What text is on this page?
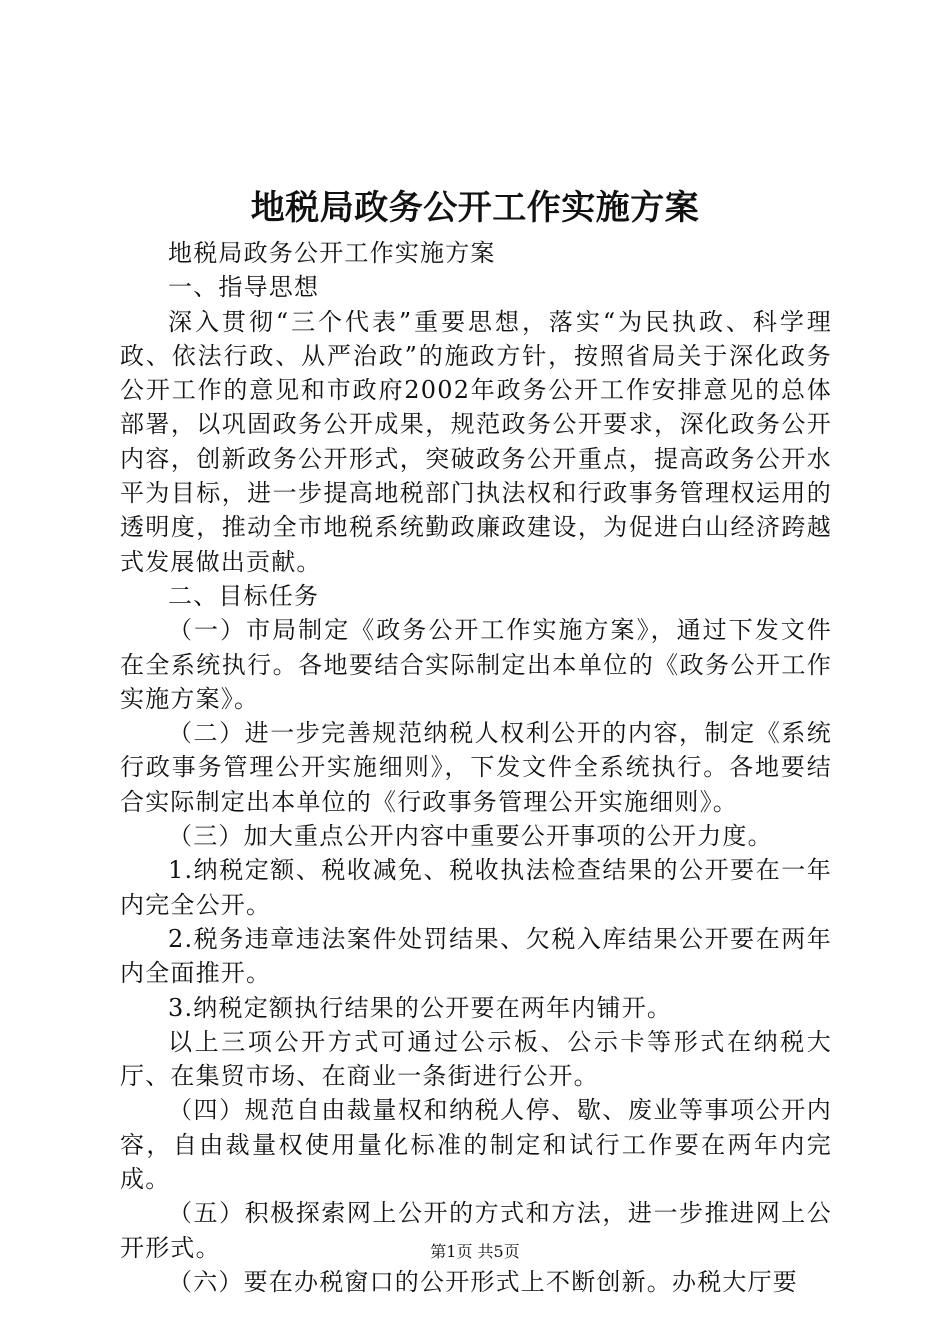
地税局政务公开工作实施方案

地税局政务公开工作实施方案

一、指导思想

深入贯彻“三个代表”重要思想，落实“为民执政、科学理政、依法行政、从严治政”的施政方针，按照省局关于深化政务公开工作的意见和市政府2002年政务公开工作安排意见的总体部署，以巩固政务公开成果，规范政务公开要求，深化政务公开内容，创新政务公开形式，突破政务公开重点，提高政务公开水平为目标，进一步提高地税部门执法权和行政事务管理权运用的透明度，推动全市地税系统勤政廉政建设，为促进白山经济跨越式发展做出贡献。

二、目标任务

（一）市局制定《政务公开工作实施方案》，通过下发文件在全系统执行。各地要结合实际制定出本单位的《政务公开工作实施方案》。

（二）进一步完善规范纳税人权利公开的内容，制定《系统行政事务管理公开实施细则》，下发文件全系统执行。各地要结合实际制定出本单位的《行政事务管理公开实施细则》。

（三）加大重点公开内容中重要公开事项的公开力度。

1.纳税定额、税收减免、税收执法检查结果的公开要在一年内完全公开。

2.税务违章违法案件处罚结果、欠税入库结果公开要在两年内全面推开。

3.纳税定额执行结果的公开要在两年内铺开。

以上三项公开方式可通过公示板、公示卡等形式在纳税大厅、在集贸市场、在商业一条街进行公开。

（四）规范自由裁量权和纳税人停、歇、废业等事项公开内容，自由裁量权使用量化标准的制定和试行工作要在两年内完成。

（五）积极探索网上公开的方式和方法，进一步推进网上公开形式。

（六）要在办税窗口的公开形式上不断创新。办税大厅要

第1页 共5页
